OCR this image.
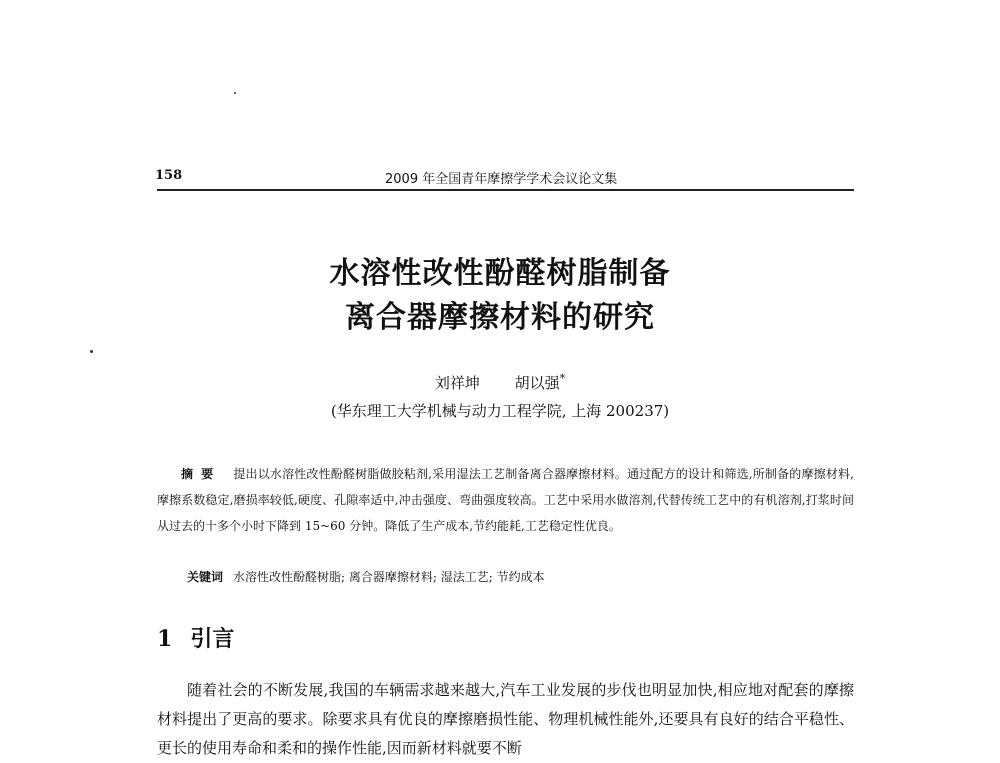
158	2009 年全国青年摩擦学学术会议论文集
水溶性改性酚醛树脂制备
离合器摩擦材料的研究
刘祥坤 胡以强*
(华东理工大学机械与动力工程学院, 上海 200237)
摘要 提出以水溶性改性酚醛树脂做胶粘剂,采用湿法工艺制备离合器摩擦材料。通过配方的设计和筛选,所制备的摩擦材料,摩擦系数稳定,磨损率较低,硬度、孔隙率适中,冲击强度、弯曲强度较高。工艺中采用水做溶剂,代替传统工艺中的有机溶剂,打浆时间从过去的十多个小时下降到 15~60 分钟。降低了生产成本,节约能耗,工艺稳定性优良。
关键词 水溶性改性酚醛树脂; 离合器摩擦材料; 湿法工艺; 节约成本
1 引言
随着社会的不断发展,我国的车辆需求越来越大,汽车工业发展的步伐也明显加快,相应地对配套的摩擦材料提出了更高的要求。除要求具有优良的摩擦磨损性能、物理机械性能外,还要具有良好的结合平稳性、更长的使用寿命和柔和的操作性能,因而新材料就要不断
